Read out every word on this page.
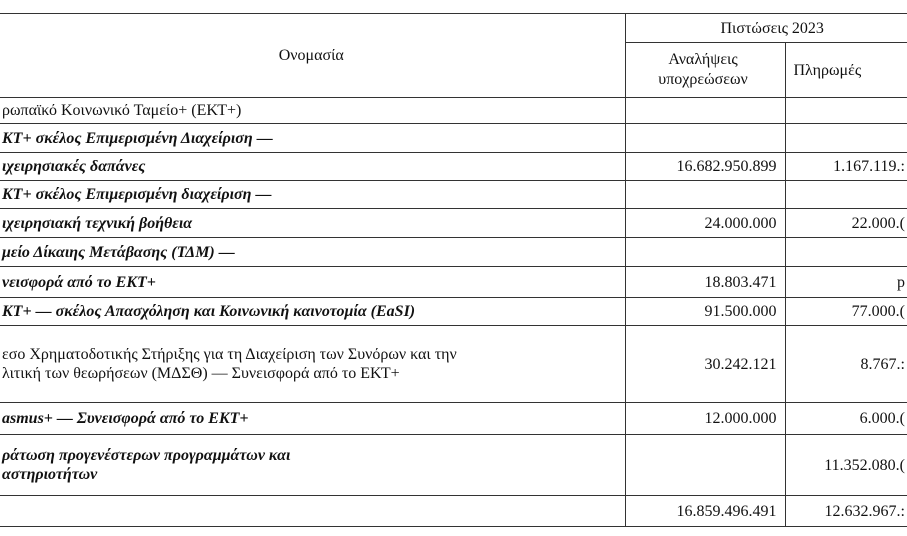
Ονομασία	Πιστώσεις 2023	
	Αναλήψεις υποχρεώσεων	Πληρωμές

ρωπαϊκό Κοινωνικό Ταμείο+ (ΕΚΤ+)		

ΚΤ+ σκέλος Επιμερισμένη Διαχείριση —		

ιχειρησιακές δαπάνες	16.682.950.899	1.167.119.:

ΚΤ+ σκέλος Επιμερισμένη διαχείριση —		

ιχειρησιακή τεχνική βοήθεια	24.000.000	22.000.(

μείο Δίκαιης Μετάβασης (ΤΔΜ) —		

νεισφορά από το ΕΚΤ+	18.803.471	p

ΚΤ+ — σκέλος Απασχόληση και Κοινωνική καινοτομία (EaSI)	91.500.000	77.000.(

εσο Χρηματοδοτικής Στήριξης για τη Διαχείριση των Συνόρων και την
λιτική των θεωρήσεων (ΜΔΣΘ) — Συνεισφορά από το ΕΚΤ+	30.242.121	8.767.:

asmus+ — Συνεισφορά από το ΕΚΤ+	12.000.000	6.000.(

ράτωση προγενέστερων προγραμμάτων και
αστηριοτήτων		11.352.080.(

	16.859.496.491	12.632.967.:
